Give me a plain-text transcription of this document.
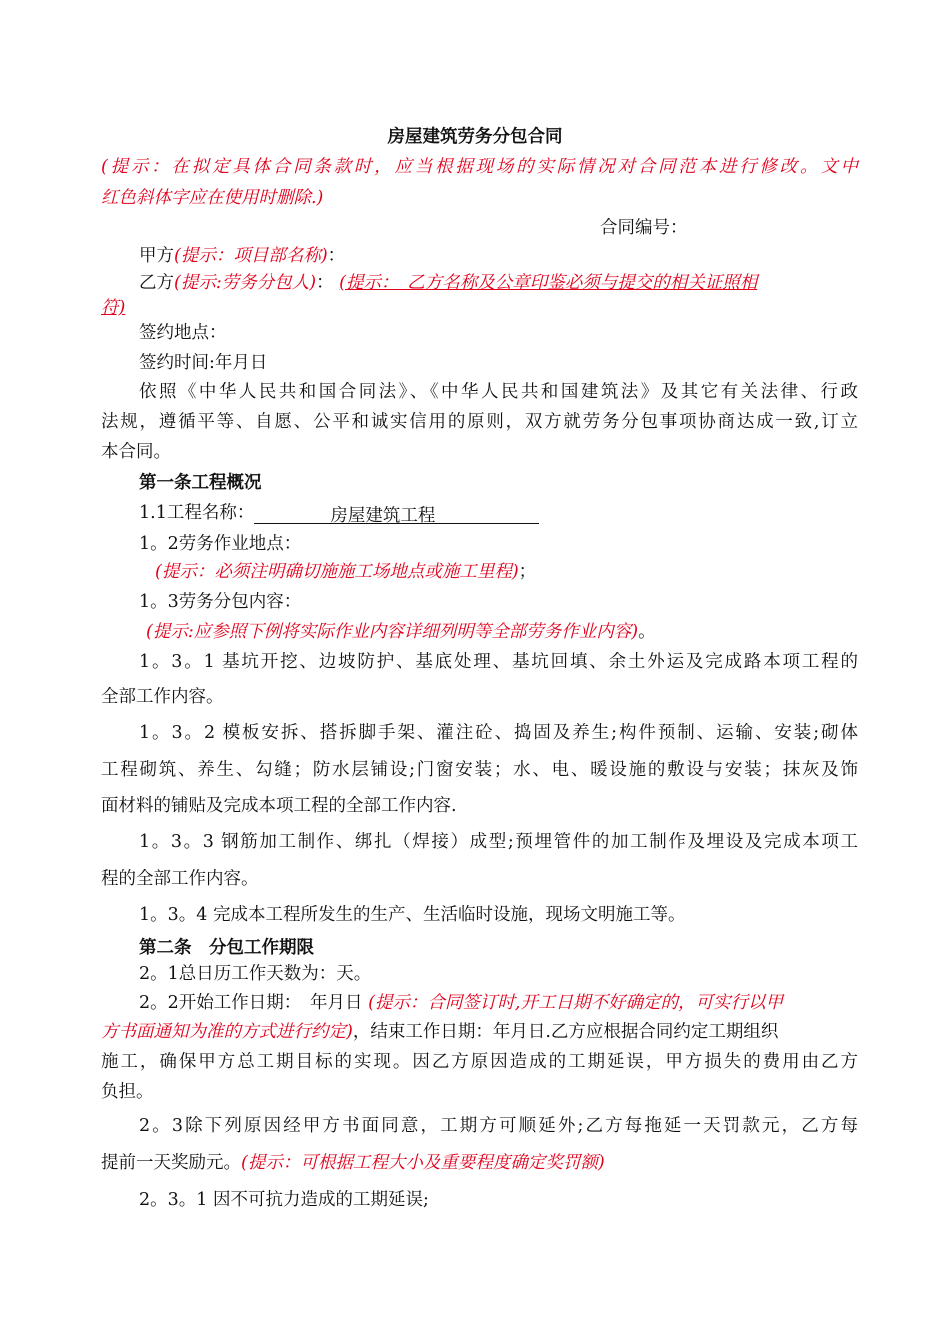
房屋建筑劳务分包合同
(提示：在拟定具体合同条款时，应当根据现场的实际情况对合同范本进行修改。文中
红色斜体字应在使用时删除.)
合同编号：
甲方(提示：项目部名称)：
乙方(提示:劳务分包人)： (提示：　乙方名称及公章印鉴必须与提交的相关证照相
符)
签约地点：
签约时间:年月日
依照《中华人民共和国合同法》、《中华人民共和国建筑法》及其它有关法律、行政
法规，遵循平等、自愿、公平和诚实信用的原则，双方就劳务分包事项协商达成一致,订立
本合同。
第一条工程概况
1.1工程名称：	房屋建筑工程
1。2劳务作业地点：
(提示：必须注明确切施施工场地点或施工里程)；
1。3劳务分包内容：
(提示:应参照下例将实际作业内容详细列明等全部劳务作业内容)。
1。3。1 基坑开挖、边坡防护、基底处理、基坑回填、余土外运及完成路本项工程的
全部工作内容。
1。3。2 模板安拆、搭拆脚手架、灌注砼、捣固及养生;构件预制、运输、安装;砌体
工程砌筑、养生、勾缝；防水层铺设;门窗安装；水、电、暖设施的敷设与安装；抹灰及饰
面材料的铺贴及完成本项工程的全部工作内容.
1。3。3 钢筋加工制作、绑扎（焊接）成型;预埋管件的加工制作及埋设及完成本项工
程的全部工作内容。
1。3。4 完成本工程所发生的生产、生活临时设施，现场文明施工等。
第二条　分包工作期限
2。1总日历工作天数为：天。
2。2开始工作日期：　年月日 (提示：合同签订时,开工日期不好确定的，可实行以甲
方书面通知为准的方式进行约定)，结束工作日期：年月日.乙方应根据合同约定工期组织
施工，确保甲方总工期目标的实现。因乙方原因造成的工期延误，甲方损失的费用由乙方
负担。
2。3除下列原因经甲方书面同意，工期方可顺延外;乙方每拖延一天罚款元，乙方每
提前一天奖励元。(提示：可根据工程大小及重要程度确定奖罚额)
2。3。1 因不可抗力造成的工期延误;
